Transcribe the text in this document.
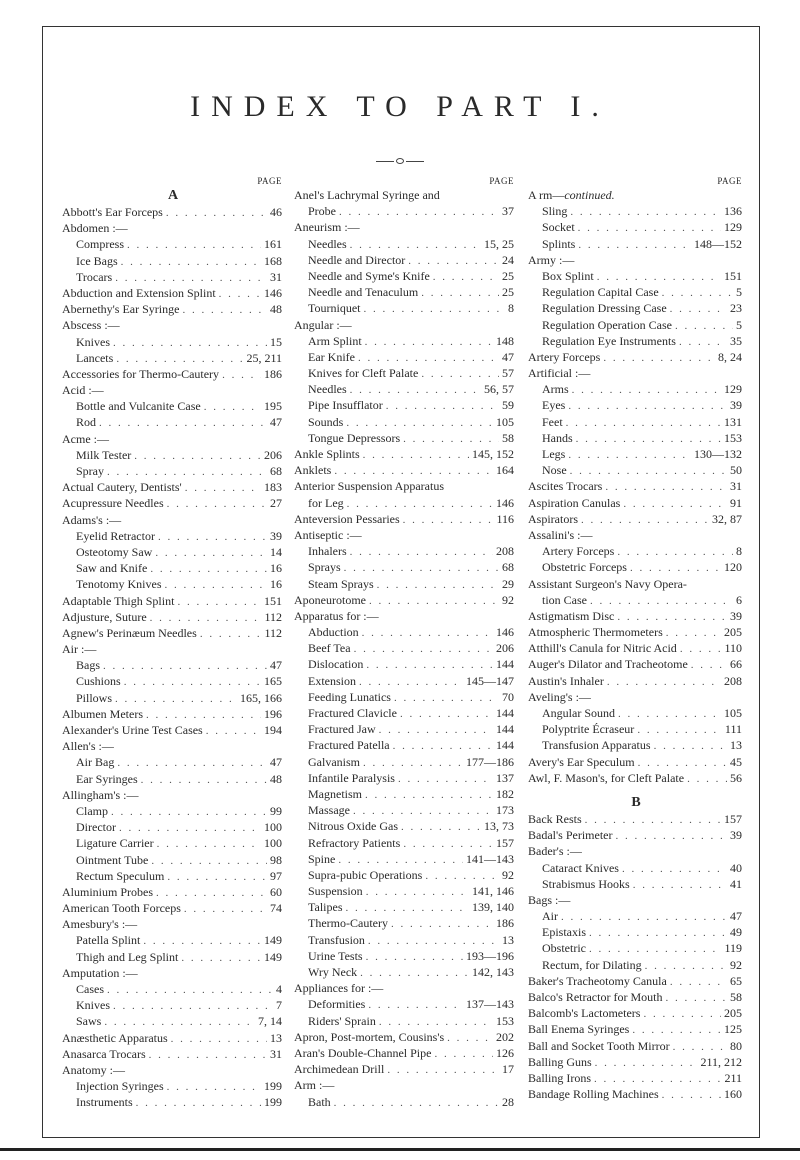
INDEX TO PART I.
PAGE
A
Abbott's Ear Forceps . . .	46
Abdomen :—
Compress . . .	161
Ice Bags . . .	168
Trocars . . .	31
Abduction and Extension Splint . . .	146
Abernethy's Ear Syringe . . .	48
Abscess :—
Knives . . .	15
Lancets . . .	25, 211
Accessories for Thermo-Cautery . . .	186
Acid :—
Bottle and Vulcanite Case . . .	195
Rod . . .	47
Acme :—
Milk Tester . . .	206
Spray . . .	68
Actual Cautery, Dentists' . . .	183
Acupressure Needles . . .	27
Adams's :—
Eyelid Retractor . . .	39
Osteotomy Saw . . .	14
Saw and Knife . . .	16
Tenotomy Knives . . .	16
Adaptable Thigh Splint . . .	151
Adjusture, Suture . . .	112
Agnew's Perinæum Needles . . .	112
Air :—
Bags . . .	47
Cushions . . .	165
Pillows . . .	165, 166
Albumen Meters . . .	196
Alexander's Urine Test Cases . . .	194
Allen's :—
Air Bag . . .	47
Ear Syringes . . .	48
Allingham's :—
Clamp . . .	99
Director . . .	100
Ligature Carrier . . .	100
Ointment Tube . . .	98
Rectum Speculum . . .	97
Aluminium Probes . . .	60
American Tooth Forceps . . .	74
Amesbury's :—
Patella Splint . . .	149
Thigh and Leg Splint . . .	149
Amputation :—
Cases . . .	4
Knives . . .	7
Saws . . .	7, 14
Anæsthetic Apparatus . . .	13
Anasarca Trocars . . .	31
Anatomy :—
Injection Syringes . . .	199
Instruments . . .	199
PAGE
Anel's Lachrymal Syringe and
Probe . . .	37
Aneurism :—
Needles . . .	15, 25
Needle and Director . . .	24
Needle and Syme's Knife . . .	25
Needle and Tenaculum . . .	25
Tourniquet . . .	8
Angular :—
Arm Splint . . .	148
Ear Knife . . .	47
Knives for Cleft Palate . . .	57
Needles . . .	56, 57
Pipe Insufflator . . .	59
Sounds . . .	105
Tongue Depressors . . .	58
Ankle Splints . . .	145, 152
Anklets . . .	164
Anterior Suspension Apparatus
for Leg . . .	146
Anteversion Pessaries . . .	116
Antiseptic :—
Inhalers . . .	208
Sprays . . .	68
Steam Sprays . . .	29
Aponeurotome . . .	92
Apparatus for :—
Abduction . . .	146
Beef Tea . . .	206
Dislocation . . .	144
Extension . . .	145—147
Feeding Lunatics . . .	70
Fractured Clavicle . . .	144
Fractured Jaw . . .	144
Fractured Patella . . .	144
Galvanism . . .	177—186
Infantile Paralysis . . .	137
Magnetism . . .	182
Massage . . .	173
Nitrous Oxide Gas . . .	13, 73
Refractory Patients . . .	157
Spine . . .	141—143
Supra-pubic Operations . . .	92
Suspension . . .	141, 146
Talipes . . .	139, 140
Thermo-Cautery . . .	186
Transfusion . . .	13
Urine Tests . . .	193—196
Wry Neck . . .	142, 143
Appliances for :—
Deformities . . .	137—143
Riders' Sprain . . .	153
Apron, Post-mortem, Cousins's . . .	202
Aran's Double-Channel Pipe . . .	126
Archimedean Drill . . .	17
Arm :—
Bath . . .	28
PAGE
A rm—continued.
Sling . . .	136
Socket . . .	129
Splints . . .	148—152
Army :—
Box Splint . . .	151
Regulation Capital Case . . .	5
Regulation Dressing Case . . .	23
Regulation Operation Case . . .	5
Regulation Eye Instruments . . .	35
Artery Forceps . . .	8, 24
Artificial :—
Arms . . .	129
Eyes . . .	39
Feet . . .	131
Hands . . .	153
Legs . . .	130—132
Nose . . .	50
Ascites Trocars . . .	31
Aspiration Canulas . . .	91
Aspirators . . .	32, 87
Assalini's :—
Artery Forceps . . .	8
Obstetric Forceps . . .	120
Assistant Surgeon's Navy Opera-
tion Case . . .	6
Astigmatism Disc . . .	39
Atmospheric Thermometers . . .	205
Atthill's Canula for Nitric Acid . . .	110
Auger's Dilator and Tracheotome . . .	66
Austin's Inhaler . . .	208
Aveling's :—
Angular Sound . . .	105
Polyptrite Écraseur . . .	111
Transfusion Apparatus . . .	13
Avery's Ear Speculum . . .	45
Awl, F. Mason's, for Cleft Palate . . .	56
B
Back Rests . . .	157
Badal's Perimeter . . .	39
Bader's :—
Cataract Knives . . .	40
Strabismus Hooks . . .	41
Bags :—
Air . . .	47
Epistaxis . . .	49
Obstetric . . .	119
Rectum, for Dilating . . .	92
Baker's Tracheotomy Canula . . .	65
Balco's Retractor for Mouth . . .	58
Balcomb's Lactometers . . .	205
Ball Enema Syringes . . .	125
Ball and Socket Tooth Mirror . . .	80
Balling Guns . . .	211, 212
Balling Irons . . .	211
Bandage Rolling Machines . . .	160
